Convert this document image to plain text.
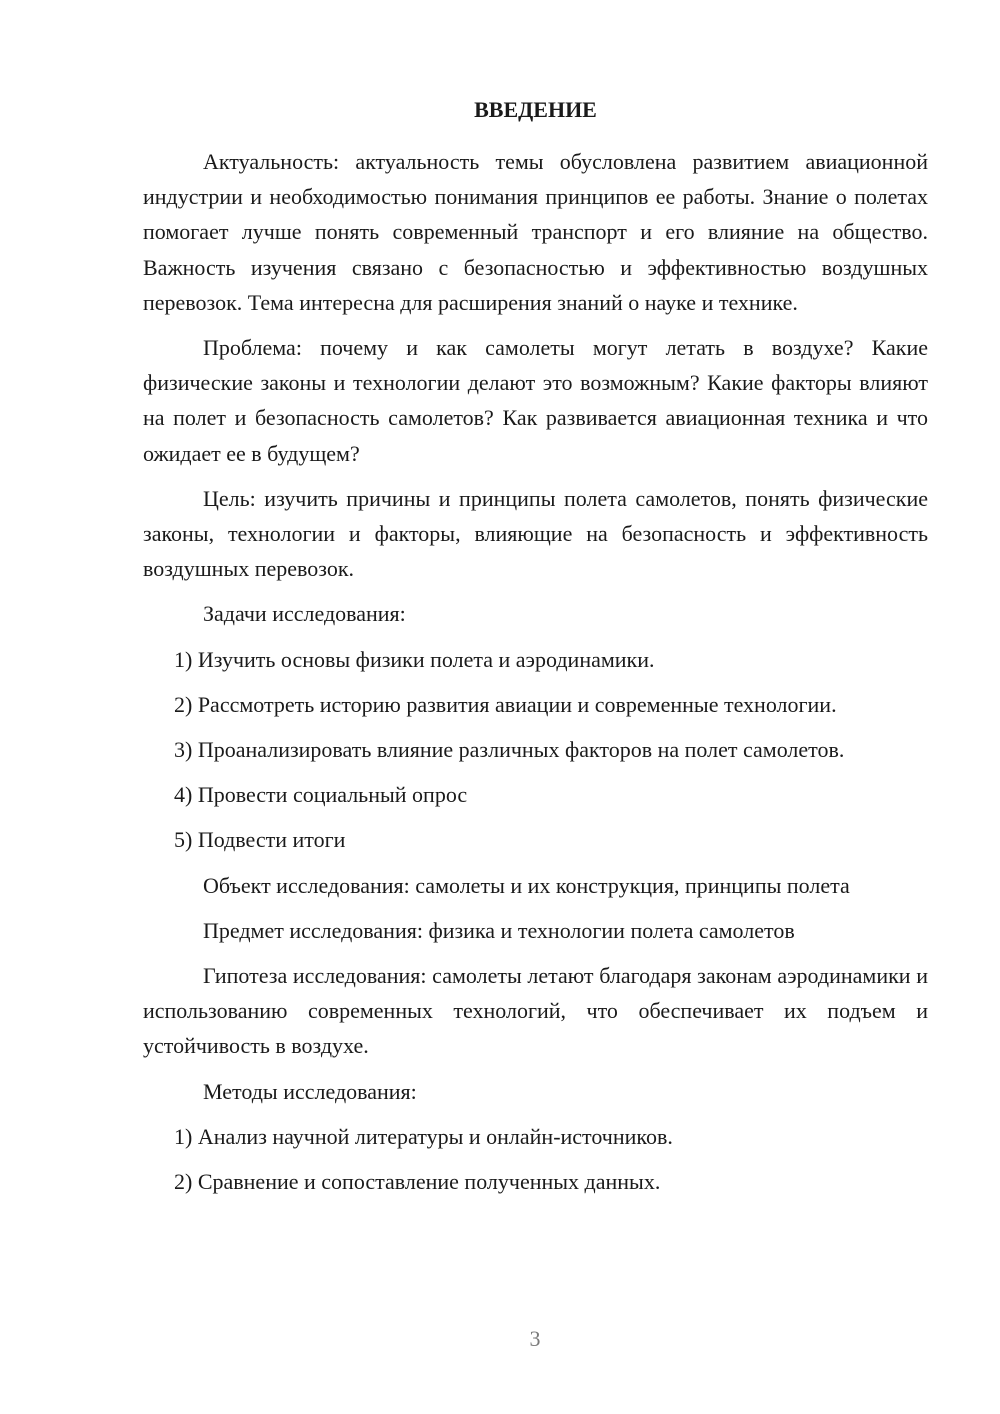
ВВЕДЕНИЕ

Актуальность: актуальность темы обусловлена развитием авиационной индустрии и необходимостью понимания принципов ее работы. Знание о полетах помогает лучше понять современный транспорт и его влияние на общество. Важность изучения связано с безопасностью и эффективностью воздушных перевозок. Тема интересна для расширения знаний о науке и технике.

Проблема: почему и как самолеты могут летать в воздухе? Какие физические законы и технологии делают это возможным? Какие факторы влияют на полет и безопасность самолетов? Как развивается авиационная техника и что ожидает ее в будущем?

Цель: изучить причины и принципы полета самолетов, понять физические законы, технологии и факторы, влияющие на безопасность и эффективность воздушных перевозок.

Задачи исследования:

1) Изучить основы физики полета и аэродинамики.

2) Рассмотреть историю развития авиации и современные технологии.

3) Проанализировать влияние различных факторов на полет самолетов.

4) Провести социальный опрос

5) Подвести итоги

Объект исследования: самолеты и их конструкция, принципы полета

Предмет исследования: физика и технологии полета самолетов

Гипотеза исследования: самолеты летают благодаря законам аэродинамики и использованию современных технологий, что обеспечивает их подъем и устойчивость в воздухе.

Методы исследования:

1) Анализ научной литературы и онлайн-источников.

2) Сравнение и сопоставление полученных данных.

3
